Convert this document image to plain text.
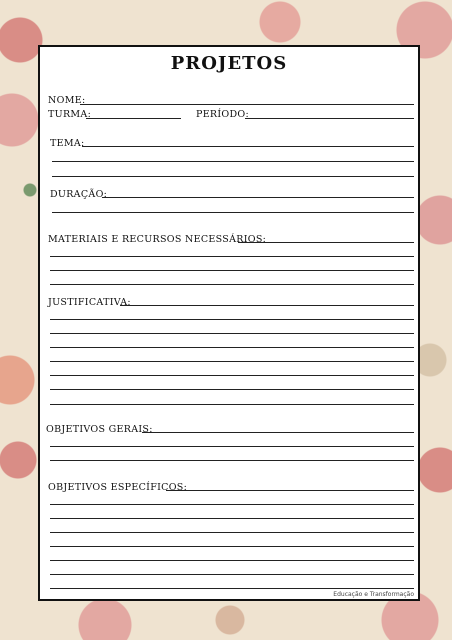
PROJETOS
NOME:
TURMA:	PERÍODO:
TEMA:
DURAÇÃO:
MATERIAIS E RECURSOS NECESSÁRIOS:
JUSTIFICATIVA:
OBJETIVOS GERAIS:
OBJETIVOS ESPECÍFICOS:
Educação e Transformação
